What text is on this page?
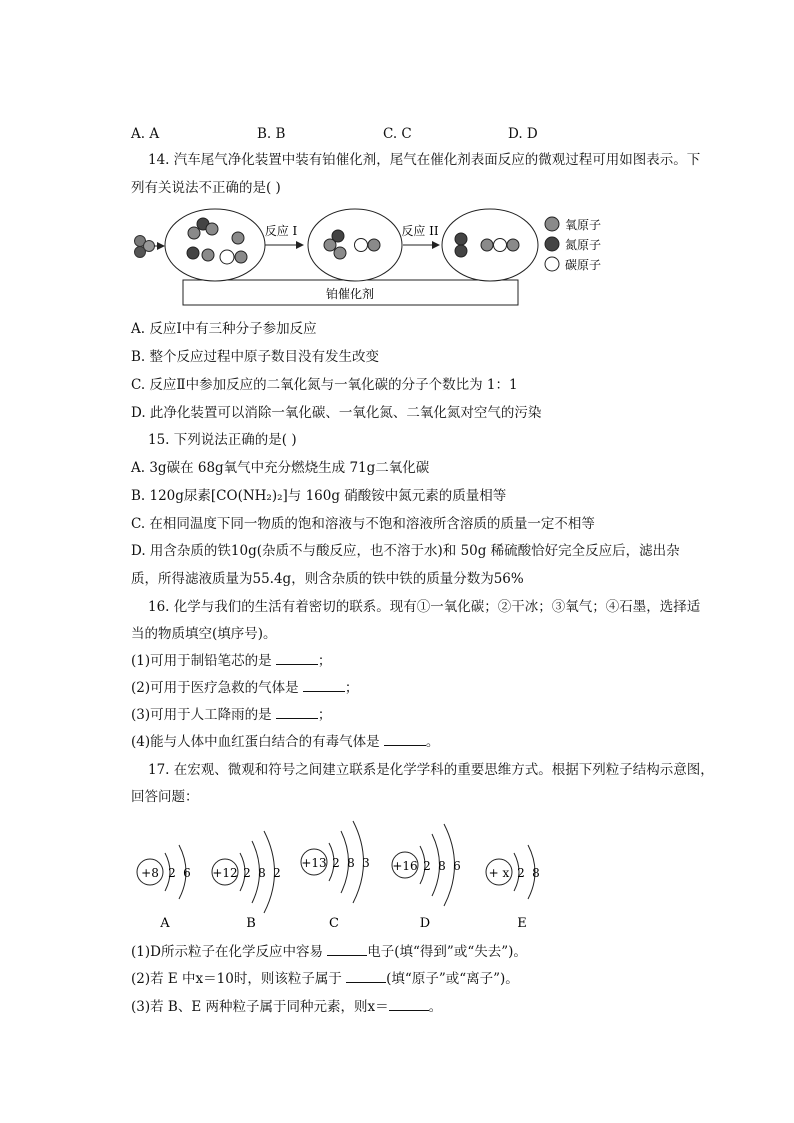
A. A	B. B	C. C	D. D
14. 汽车尾气净化装置中装有铂催化剂，尾气在催化剂表面反应的微观过程可用如图表示。下
列有关说法不正确的是( )
铂催化剂
反应 I	反应 II	氧原子
氮原子
碳原子
A. 反应Ⅰ中有三种分子参加反应
B. 整个反应过程中原子数目没有发生改变
C. 反应Ⅱ中参加反应的二氧化氮与一氧化碳的分子个数比为 1：1
D. 此净化装置可以消除一氧化碳、一氧化氮、二氧化氮对空气的污染
15. 下列说法正确的是( )
A. 3g碳在 68g氧气中充分燃烧生成 71g二氧化碳
B. 120g尿素[CO(NH₂)₂]与 160g 硝酸铵中氮元素的质量相等
C. 在相同温度下同一物质的饱和溶液与不饱和溶液所含溶质的质量一定不相等
D. 用含杂质的铁10g(杂质不与酸反应，也不溶于水)和 50g 稀硫酸恰好完全反应后，滤出杂
质，所得滤液质量为55.4g，则含杂质的铁中铁的质量分数为56%
16. 化学与我们的生活有着密切的联系。现有①一氧化碳；②干冰；③氧气；④石墨，选择适
当的物质填空(填序号)。
(1)可用于制铅笔芯的是	；
(2)可用于医疗急救的气体是	；
(3)可用于人工降雨的是	；
(4)能与人体中血红蛋白结合的有毒气体是	。
17. 在宏观、微观和符号之间建立联系是化学学科的重要思维方式。根据下列粒子结构示意图，
回答问题：
+8 2 6
A
+12 2 8 2
B
+13 2 8 3
C
+16 2 8 6
D
+ x 2 8
E
(1)D所示粒子在化学反应中容易	电子(填“得到”或“失去”)。
(2)若 E 中x＝10时，则该粒子属于	(填“原子”或“离子”)。
(3)若 B、E 两种粒子属于同种元素，则x＝	。
